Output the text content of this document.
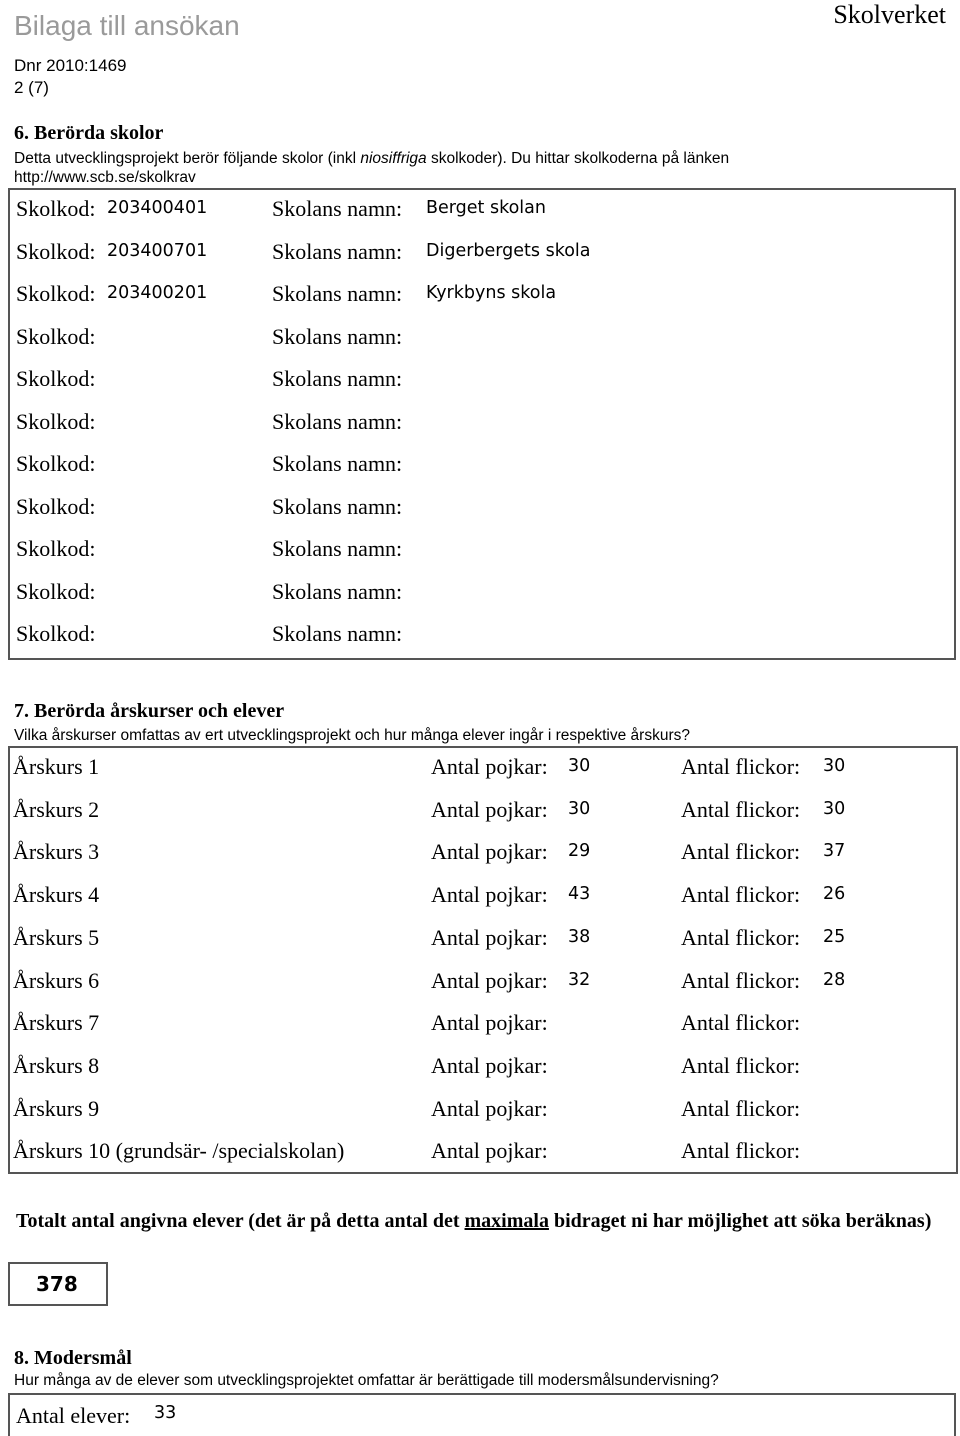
Bilaga till ansökan	Skolverket
Dnr 2010:1469
2 (7)
6. Berörda skolor
Detta utvecklingsprojekt berör följande skolor (inkl niosiffriga skolkoder). Du hittar skolkoderna på länken
http://www.scb.se/skolkrav
Skolkod: 203400401	Skolans namn: Berget skolan
Skolkod: 203400701	Skolans namn: Digerbergets skola
Skolkod: 203400201	Skolans namn: Kyrkbyns skola
Skolkod:	Skolans namn:
Skolkod:	Skolans namn:
Skolkod:	Skolans namn:
Skolkod:	Skolans namn:
Skolkod:	Skolans namn:
Skolkod:	Skolans namn:
Skolkod:	Skolans namn:
Skolkod:	Skolans namn:
7. Berörda årskurser och elever
Vilka årskurser omfattas av ert utvecklingsprojekt och hur många elever ingår i respektive årskurs?
Årskurs 1	Antal pojkar: 30	Antal flickor: 30
Årskurs 2	Antal pojkar: 30	Antal flickor: 30
Årskurs 3	Antal pojkar: 29	Antal flickor: 37
Årskurs 4	Antal pojkar: 43	Antal flickor: 26
Årskurs 5	Antal pojkar: 38	Antal flickor: 25
Årskurs 6	Antal pojkar: 32	Antal flickor: 28
Årskurs 7	Antal pojkar:	Antal flickor:
Årskurs 8	Antal pojkar:	Antal flickor:
Årskurs 9	Antal pojkar:	Antal flickor:
Årskurs 10 (grundsär- /specialskolan)	Antal pojkar:	Antal flickor:
Totalt antal angivna elever (det är på detta antal det maximala bidraget ni har möjlighet att söka beräknas)
378
8. Modersmål
Hur många av de elever som utvecklingsprojektet omfattar är berättigade till modersmålsundervisning?
Antal elever: 33
